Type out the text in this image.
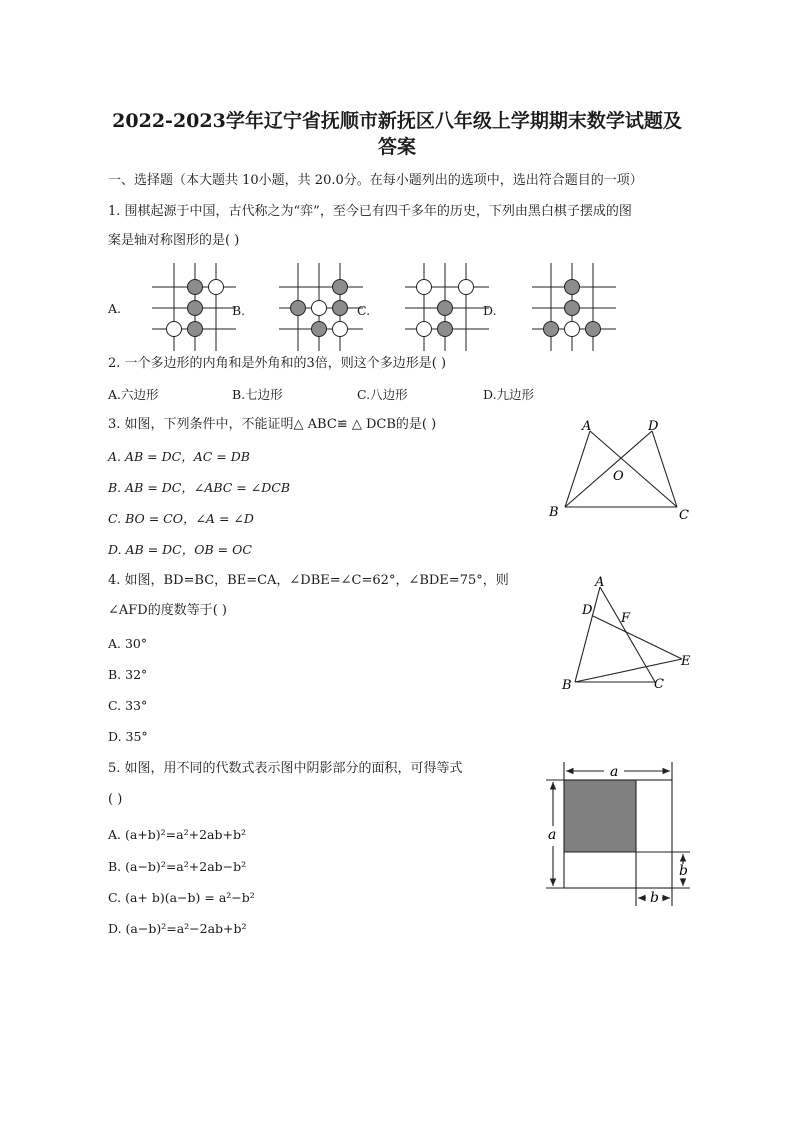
2022-2023学年辽宁省抚顺市新抚区八年级上学期期末数学试题及
答案
一、选择题（本大题共 10小题，共 20.0分。在每小题列出的选项中，选出符合题目的一项）
1. 围棋起源于中国，古代称之为“弈”，至今已有四千多年的历史，下列由黑白棋子摆成的图
案是轴对称图形的是( )
A.	B.	C.	D.
2. 一个多边形的内角和是外角和的3倍，则这个多边形是( )
A.六边形	B.七边形	C.八边形	D.九边形
3. 如图，下列条件中，不能证明△ ABC≌ △ DCB的是( )
A. AB = DC，AC = DB
B. AB = DC，∠ABC = ∠DCB
C. BO = CO，∠A = ∠D
D. AB = DC，OB = OC
A	D
O
B	C
4. 如图，BD=BC，BE=CA，∠DBE=∠C=62°，∠BDE=75°，则
∠AFD的度数等于( )
A. 30°
B. 32°
C. 33°
D. 35°
A
D
F
E
B	C
5. 如图，用不同的代数式表示图中阴影部分的面积，可得等式
( )
A. (a+b)²=a²+2ab+b²
B. (a−b)²=a²+2ab−b²
C. (a+ b)(a−b) = a²−b²
D. (a−b)²=a²−2ab+b²
a
a
b
b
